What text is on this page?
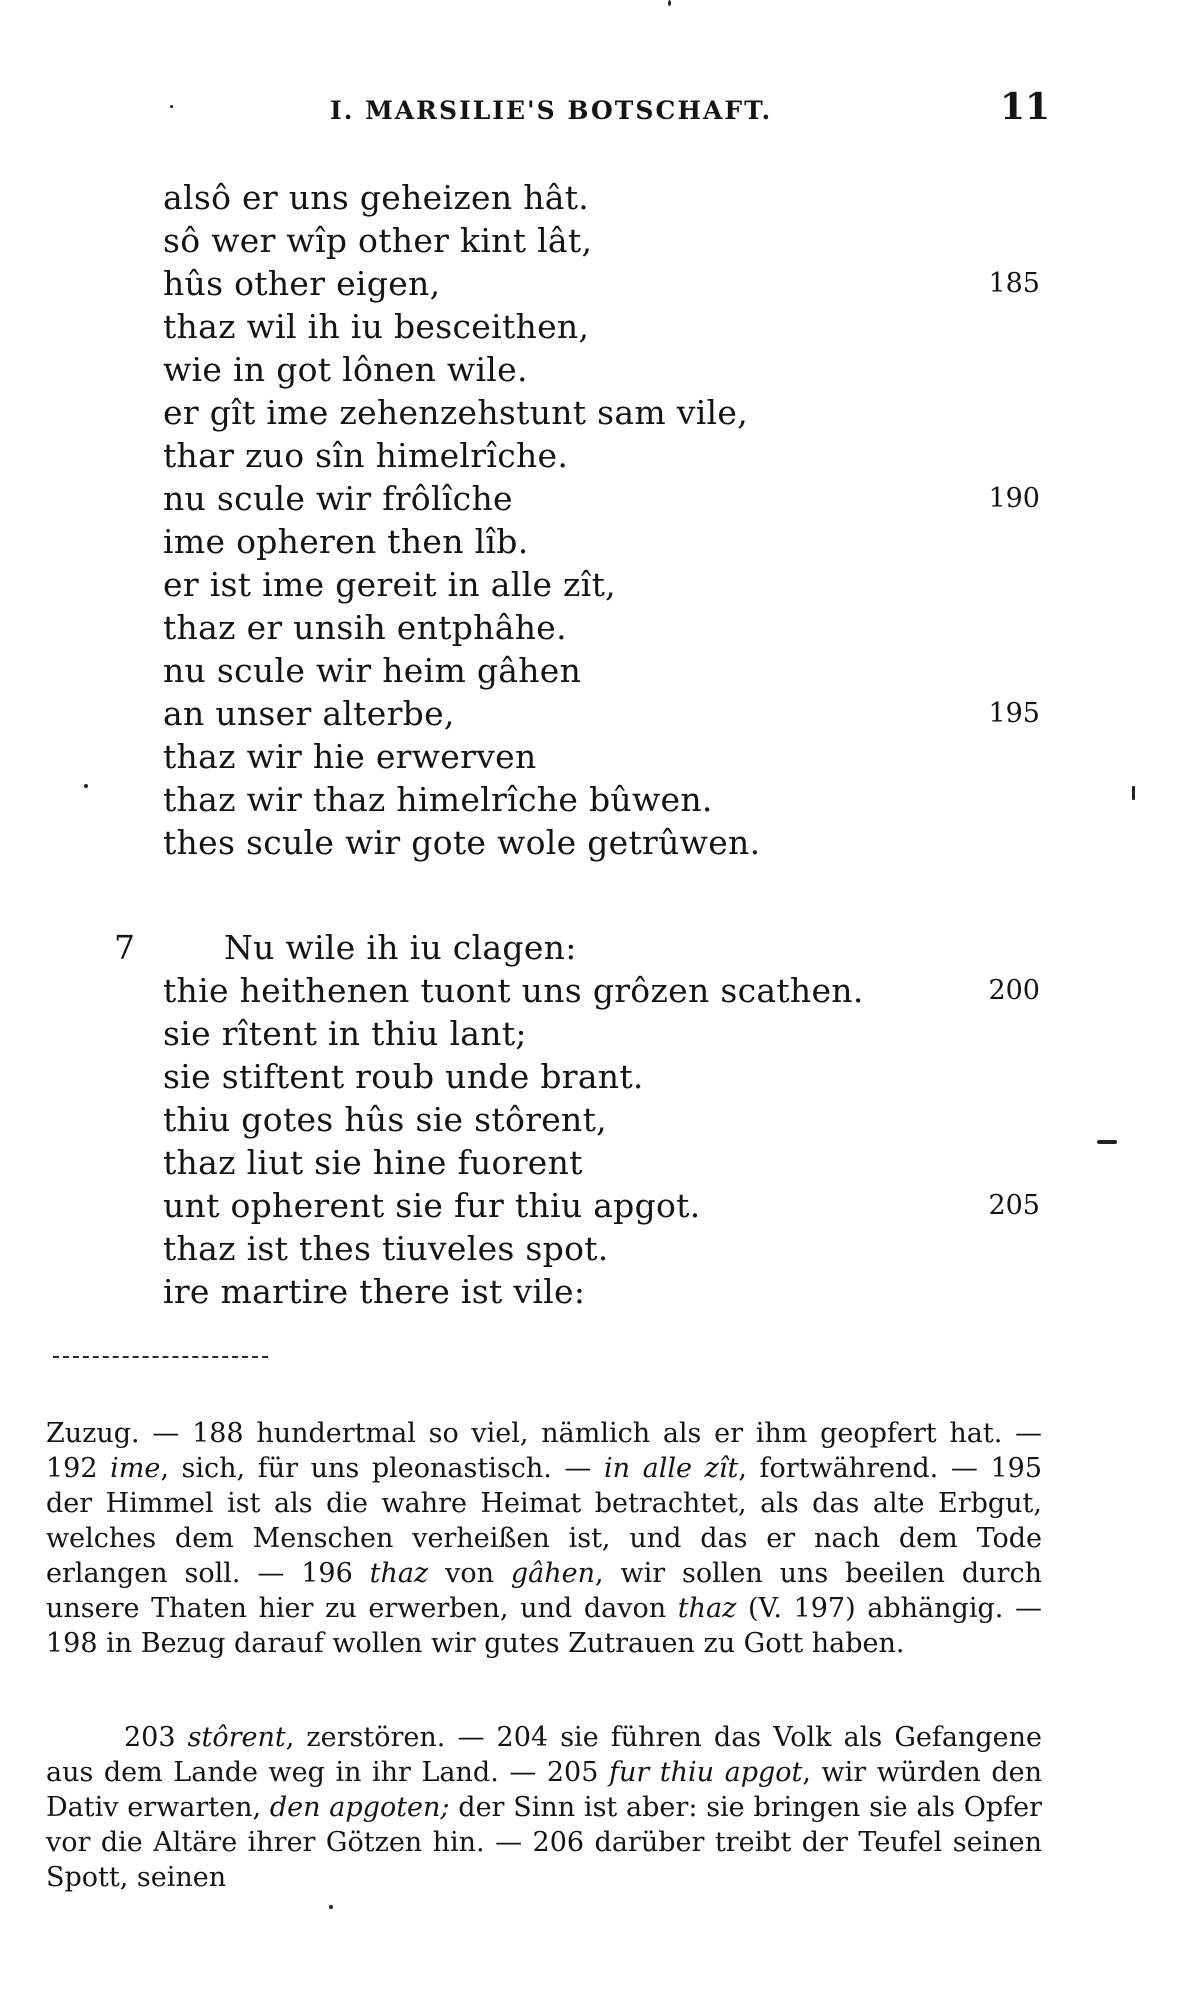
I. MARSILIE'S BOTSCHAFT.	11
alsô er uns geheizen hât.
sô wer wîp other kint lât,
hûs other eigen,	185
thaz wil ih iu besceithen,
wie in got lônen wile.
er gît ime zehenzehstunt sam vile,
thar zuo sîn himelrîche.
nu scule wir frôlîche	190
ime opheren then lîb.
er ist ime gereit in alle zît,
thaz er unsih entphâhe.
nu scule wir heim gâhen
an unser alterbe,	195
thaz wir hie erwerven
thaz wir thaz himelrîche bûwen.
thes scule wir gote wole getrûwen.
7	Nu wile ih iu clagen:
thie heithenen tuont uns grôzen scathen.	200
sie rîtent in thiu lant;
sie stiftent roub unde brant.
thiu gotes hûs sie stôrent,
thaz liut sie hine fuorent
unt opherent sie fur thiu apgot.	205
thaz ist thes tiuveles spot.
ire martire there ist vile:

Zuzug. — 188 hundertmal so viel, nämlich als er ihm geopfert hat. — 192 ime, sich, für uns pleonastisch. — in alle zît, fortwährend. — 195 der Himmel ist als die wahre Heimat betrachtet, als das alte Erbgut, welches dem Menschen verheißen ist, und das er nach dem Tode erlangen soll. — 196 thaz von gâhen, wir sollen uns beeilen durch unsere Thaten hier zu erwerben, und davon thaz (V. 197) abhängig. — 198 in Bezug darauf wollen wir gutes Zutrauen zu Gott haben.

203 stôrent, zerstören. — 204 sie führen das Volk als Gefangene aus dem Lande weg in ihr Land. — 205 fur thiu apgot, wir würden den Dativ erwarten, den apgoten; der Sinn ist aber: sie bringen sie als Opfer vor die Altäre ihrer Götzen hin. — 206 darüber treibt der Teufel seinen Spott, seinen
